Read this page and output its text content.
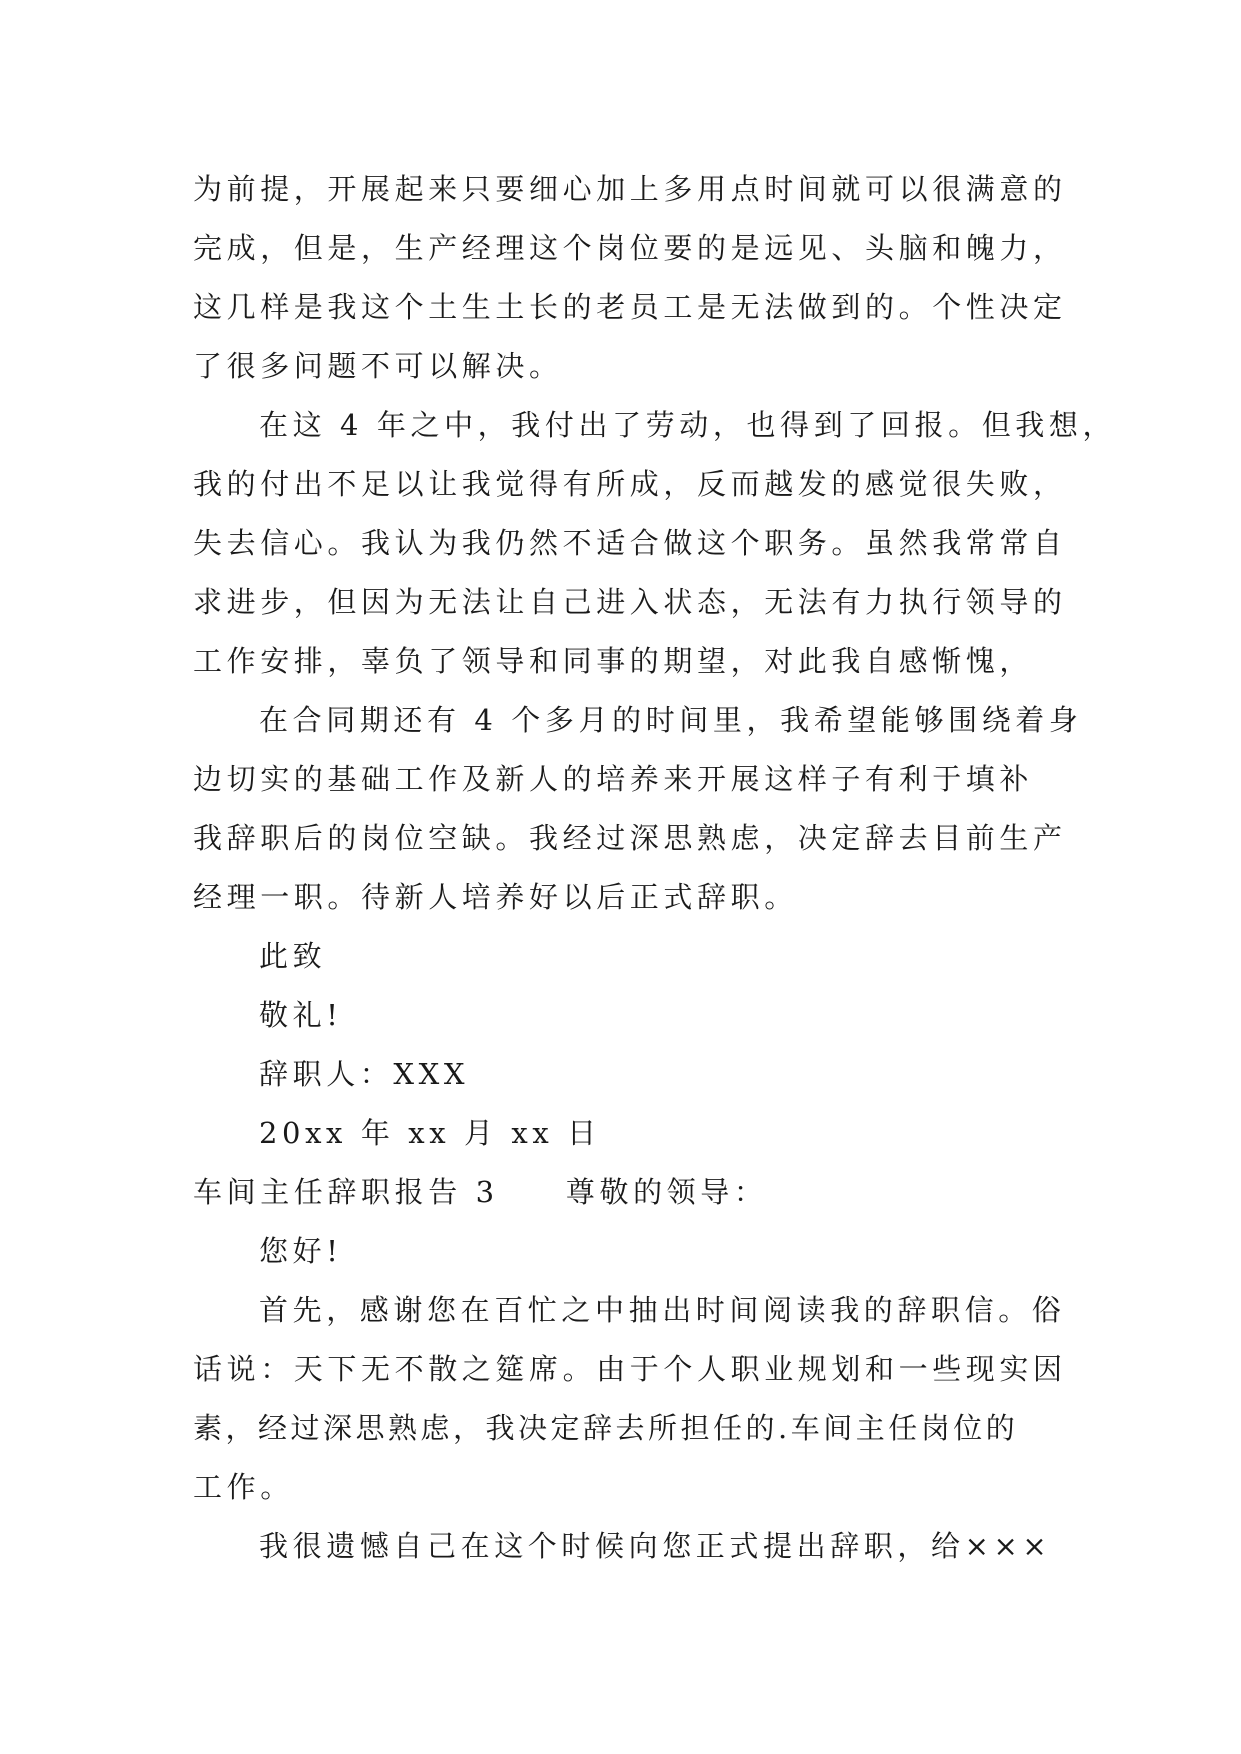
为前提，开展起来只要细心加上多用点时间就可以很满意的
完成，但是，生产经理这个岗位要的是远见、头脑和魄力，
这几样是我这个土生土长的老员工是无法做到的。个性决定
了很多问题不可以解决。
在这 4 年之中，我付出了劳动，也得到了回报。但我想，
我的付出不足以让我觉得有所成，反而越发的感觉很失败，
失去信心。我认为我仍然不适合做这个职务。虽然我常常自
求进步，但因为无法让自己进入状态，无法有力执行领导的
工作安排，辜负了领导和同事的期望，对此我自感惭愧，
在合同期还有 4 个多月的时间里，我希望能够围绕着身
边切实的基础工作及新人的培养来开展这样子有利于填补
我辞职后的岗位空缺。我经过深思熟虑，决定辞去目前生产
经理一职。待新人培养好以后正式辞职。
此致
敬礼!
辞职人：XXX
20xx 年 xx 月 xx 日
车间主任辞职报告 3　　尊敬的领导：
您好!
首先，感谢您在百忙之中抽出时间阅读我的辞职信。俗
话说：天下无不散之筵席。由于个人职业规划和一些现实因
素，经过深思熟虑，我决定辞去所担任的.车间主任岗位的
工作。
我很遗憾自己在这个时候向您正式提出辞职，给×××
